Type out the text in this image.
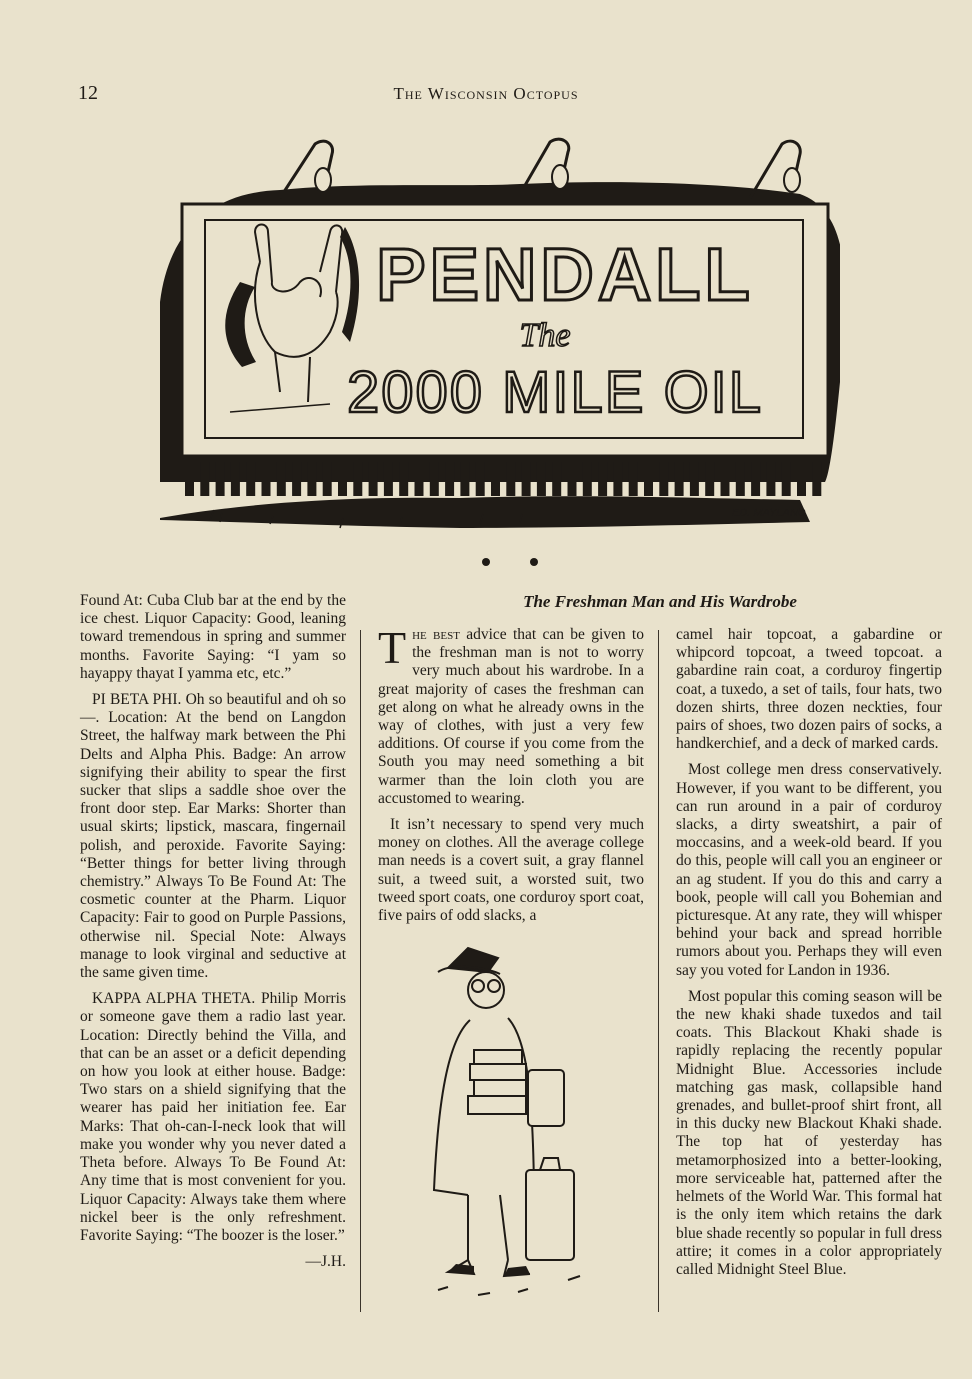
12	The Wisconsin Octopus
PENDALL
The
2000 MILE OIL
ED. MAYLAND

Found At: Cuba Club bar at the end by the ice chest. Liquor Capacity: Good, leaning toward tremendous in spring and summer months. Favorite Saying: “I yam so hayappy thayat I yamma etc, etc.”

PI BETA PHI. Oh so beautiful and oh so—. Location: At the bend on Langdon Street, the halfway mark between the Phi Delts and Alpha Phis. Badge: An arrow signifying their ability to spear the first sucker that slips a saddle shoe over the front door step. Ear Marks: Shorter than usual skirts; lipstick, mascara, fingernail polish, and peroxide. Favorite Saying: “Better things for better living through chemistry.” Always To Be Found At: The cosmetic counter at the Pharm. Liquor Capacity: Fair to good on Purple Passions, otherwise nil. Special Note: Always manage to look virginal and seductive at the same given time.

KAPPA ALPHA THETA. Philip Morris or someone gave them a radio last year. Location: Directly behind the Villa, and that can be an asset or a deficit depending on how you look at either house. Badge: Two stars on a shield signifying that the wearer has paid her initiation fee. Ear Marks: That oh-can-I-neck look that will make you wonder why you never dated a Theta before. Always To Be Found At: Any time that is most convenient for you. Liquor Capacity: Always take them where nickel beer is the only refreshment. Favorite Saying: “The boozer is the loser.”

—J.H.
The Freshman Man and His Wardrobe

The best advice that can be given to the freshman man is not to worry very much about his wardrobe. In a great majority of cases the freshman can get along on what he already owns in the way of clothes, with just a very few additions. Of course if you come from the South you may need something a bit warmer than the loin cloth you are accustomed to wearing.

It isn’t necessary to spend very much money on clothes. All the average college man needs is a covert suit, a gray flannel suit, a tweed suit, a worsted suit, two tweed sport coats, one corduroy sport coat, five pairs of odd slacks, a

camel hair topcoat, a gabardine or whipcord topcoat, a tweed topcoat. a gabardine rain coat, a corduroy fingertip coat, a tuxedo, a set of tails, four hats, two dozen shirts, three dozen neckties, four pairs of shoes, two dozen pairs of socks, a handkerchief, and a deck of marked cards.

Most college men dress conservatively. However, if you want to be different, you can run around in a pair of corduroy slacks, a dirty sweatshirt, a pair of moccasins, and a week-old beard. If you do this, people will call you an engineer or an ag student. If you do this and carry a book, people will call you Bohemian and picturesque. At any rate, they will whisper behind your back and spread horrible rumors about you. Perhaps they will even say you voted for Landon in 1936.

Most popular this coming season will be the new khaki shade tuxedos and tail coats. This Blackout Khaki shade is rapidly replacing the recently popular Midnight Blue. Accessories include matching gas mask, collapsible hand grenades, and bullet-proof shirt front, all in this ducky new Blackout Khaki shade. The top hat of yesterday has metamorphosized into a better-looking, more serviceable hat, patterned after the helmets of the World War. This formal hat is the only item which retains the dark blue shade recently so popular in full dress attire; it comes in a color appropriately called Midnight Steel Blue.
